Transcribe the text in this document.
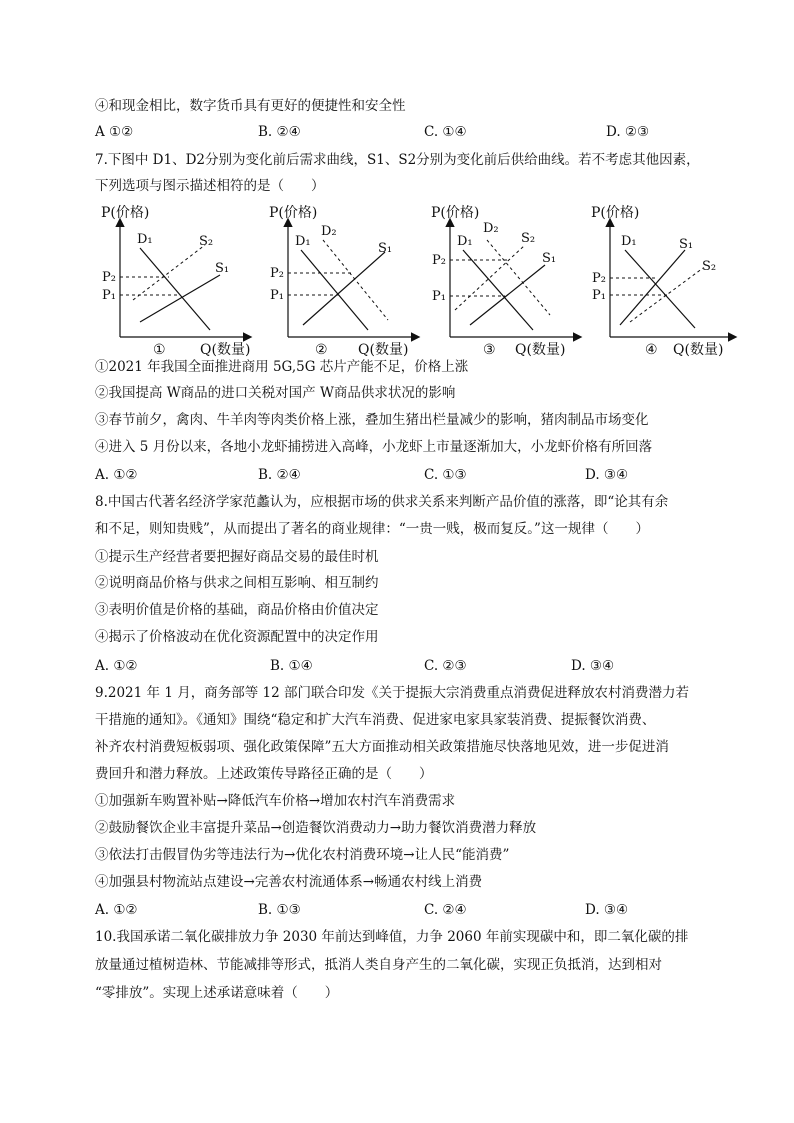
④和现金相比，数字货币具有更好的便捷性和安全性
A ①②	B. ②④	C. ①④	D. ②③
7.下图中 D1、D2分别为变化前后需求曲线，S1、S2分别为变化前后供给曲线。若不考虑其他因素，
下列选项与图示描述相符的是（　　）
P(价格)
D₁	S₂
S₁
P₂
P₁
① Q(数量)
P(价格)
D₁
D₂
S₁
P₂
P₁
② Q(数量)
P(价格)
D₁
D₂
S₂
S₁
P₂
P₁
③ Q(数量)
P(价格)
D₁	S₁
S₂
P₂
P₁
④ Q(数量)
①2021 年我国全面推进商用 5G,5G 芯片产能不足，价格上涨
②我国提高 W商品的进口关税对国产 W商品供求状况的影响
③春节前夕，禽肉、牛羊肉等肉类价格上涨，叠加生猪出栏量减少的影响，猪肉制品市场变化
④进入 5 月份以来，各地小龙虾捕捞进入高峰，小龙虾上市量逐渐加大，小龙虾价格有所回落
A. ①②	B. ②④	C. ①③	D. ③④
8.中国古代著名经济学家范蠡认为，应根据市场的供求关系来判断产品价值的涨落，即“论其有余
和不足，则知贵贱”，从而提出了著名的商业规律：“一贵一贱，极而复反。”这一规律（　　）
①提示生产经营者要把握好商品交易的最佳时机
②说明商品价格与供求之间相互影响、相互制约
③表明价值是价格的基础，商品价格由价值决定
④揭示了价格波动在优化资源配置中的决定作用
A. ①②	B. ①④	C. ②③	D. ③④
9.2021 年 1 月，商务部等 12 部门联合印发《关于提振大宗消费重点消费促进释放农村消费潜力若
干措施的通知》。《通知》围绕“稳定和扩大汽车消费、促进家电家具家装消费、提振餐饮消费、
补齐农村消费短板弱项、强化政策保障”五大方面推动相关政策措施尽快落地见效，进一步促进消
费回升和潜力释放。上述政策传导路径正确的是（　　）
①加强新车购置补贴→降低汽车价格→增加农村汽车消费需求
②鼓励餐饮企业丰富提升菜品→创造餐饮消费动力→助力餐饮消费潜力释放
③依法打击假冒伪劣等违法行为→优化农村消费环境→让人民“能消费”
④加强县村物流站点建设→完善农村流通体系→畅通农村线上消费
A. ①②	B. ①③	C. ②④	D. ③④
10.我国承诺二氧化碳排放力争 2030 年前达到峰值，力争 2060 年前实现碳中和，即二氧化碳的排
放量通过植树造林、节能减排等形式，抵消人类自身产生的二氧化碳，实现正负抵消，达到相对
“零排放”。实现上述承诺意味着（　　）
